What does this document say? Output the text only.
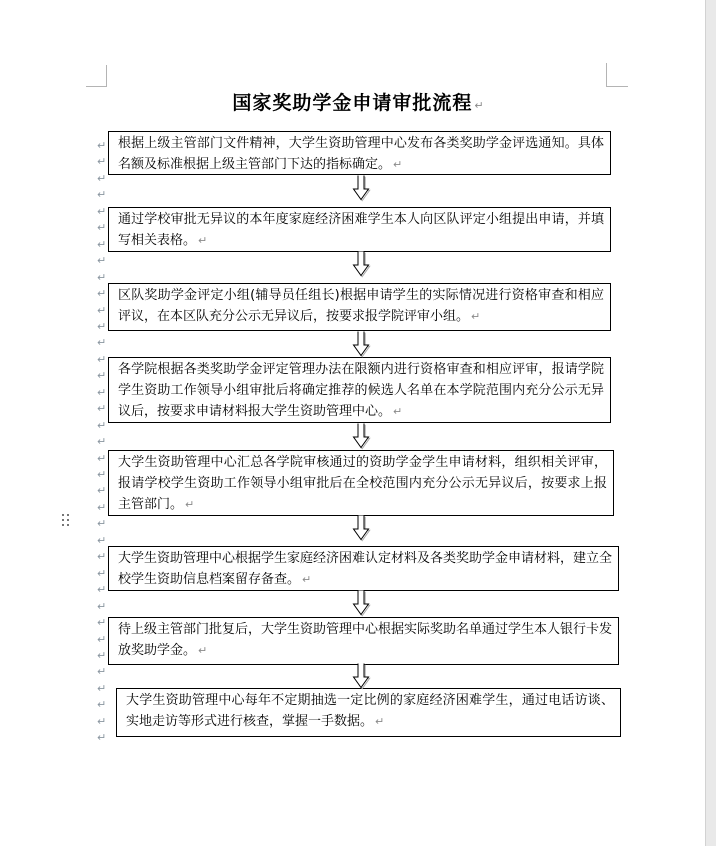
国家奖助学金申请审批流程 ↵
根据上级主管部门文件精神，大学生资助管理中心发布各类奖助学金评选通知。具体名额及标准根据上级主管部门下达的指标确定。 ↵
通过学校审批无异议的本年度家庭经济困难学生本人向区队评定小组提出申请，并填写相关表格。 ↵
区队奖助学金评定小组(辅导员任组长)根据申请学生的实际情况进行资格审查和相应评议，在本区队充分公示无异议后，按要求报学院评审小组。 ↵
各学院根据各类奖助学金评定管理办法在限额内进行资格审查和相应评审，报请学院学生资助工作领导小组审批后将确定推荐的候选人名单在本学院范围内充分公示无异议后，按要求申请材料报大学生资助管理中心。 ↵
大学生资助管理中心汇总各学院审核通过的资助学金学生申请材料，组织相关评审，报请学校学生资助工作领导小组审批后在全校范围内充分公示无异议后，按要求上报主管部门。 ↵
大学生资助管理中心根据学生家庭经济困难认定材料及各类奖助学金申请材料，建立全校学生资助信息档案留存备查。 ↵
待上级主管部门批复后，大学生资助管理中心根据实际奖助名单通过学生本人银行卡发放奖助学金。 ↵
大学生资助管理中心每年不定期抽选一定比例的家庭经济困难学生，通过电话访谈、实地走访等形式进行核查，掌握一手数据。 ↵
↵
↵
↵
↵
↵
↵
↵
↵
↵
↵
↵
↵
↵
↵
↵
↵
↵
↵
↵
↵
↵
↵
↵
↵
↵
↵
↵
↵
↵
↵
↵
↵
↵
↵
↵
↵
↵
